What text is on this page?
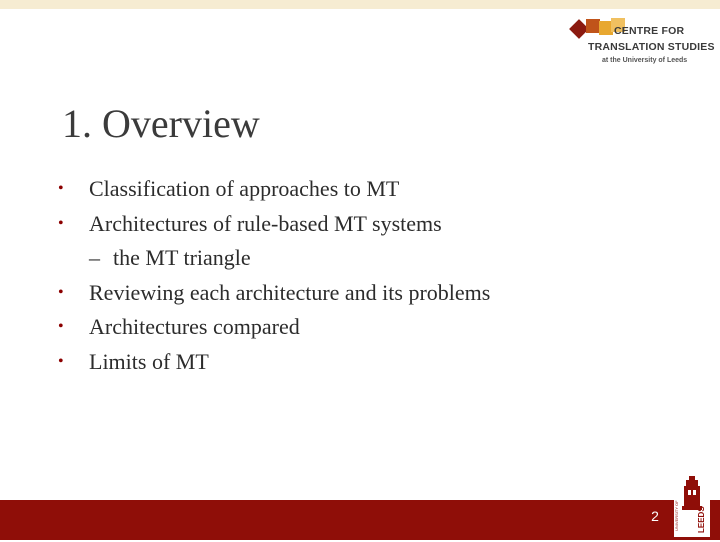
CENTRE FOR
TRANSLATION STUDIES
at the University of Leeds
1. Overview
• Classification of approaches to MT
• Architectures of rule-based MT systems
– the MT triangle
• Reviewing each architecture and its problems
• Architectures compared
• Limits of MT
2	UNIVERSITY OF LEEDS
